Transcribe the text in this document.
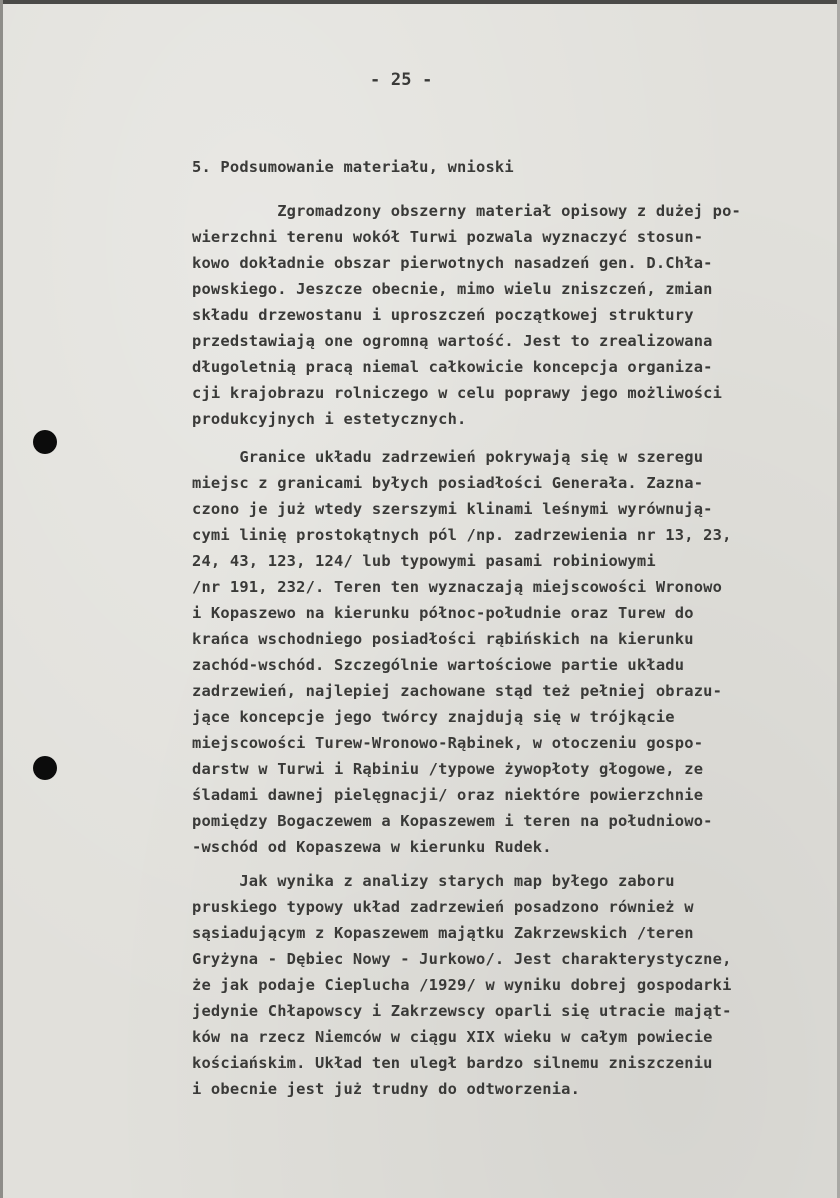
- 25 -
5. Podsumowanie materiału, wnioski
Zgromadzony obszerny materiał opisowy z dużej po-
wierzchni terenu wokół Turwi pozwala wyznaczyć stosun-
kowo dokładnie obszar pierwotnych nasadzeń gen. D.Chła-
powskiego. Jeszcze obecnie, mimo wielu zniszczeń, zmian
składu drzewostanu i uproszczeń początkowej struktury
przedstawiają one ogromną wartość. Jest to zrealizowana
długoletnią pracą niemal całkowicie koncepcja organiza-
cji krajobrazu rolniczego w celu poprawy jego możliwości
produkcyjnych i estetycznych.
Granice układu zadrzewień pokrywają się w szeregu
miejsc z granicami byłych posiadłości Generała. Zazna-
czono je już wtedy szerszymi klinami leśnymi wyrównują-
cymi linię prostokątnych pól /np. zadrzewienia nr 13, 23,
24, 43, 123, 124/ lub typowymi pasami robiniowymi
/nr 191, 232/. Teren ten wyznaczają miejscowości Wronowo
i Kopaszewo na kierunku północ-południe oraz Turew do
krańca wschodniego posiadłości rąbińskich na kierunku
zachód-wschód. Szczególnie wartościowe partie układu
zadrzewień, najlepiej zachowane stąd też pełniej obrazu-
jące koncepcje jego twórcy znajdują się w trójkącie
miejscowości Turew-Wronowo-Rąbinek, w otoczeniu gospo-
darstw w Turwi i Rąbiniu /typowe żywopłoty głogowe, ze
śladami dawnej pielęgnacji/ oraz niektóre powierzchnie
pomiędzy Bogaczewem a Kopaszewem i teren na południowo-
-wschód od Kopaszewa w kierunku Rudek.
Jak wynika z analizy starych map byłego zaboru
pruskiego typowy układ zadrzewień posadzono również w
sąsiadującym z Kopaszewem majątku Zakrzewskich /teren
Gryżyna - Dębiec Nowy - Jurkowo/. Jest charakterystyczne,
że jak podaje Cieplucha /1929/ w wyniku dobrej gospodarki
jedynie Chłapowscy i Zakrzewscy oparli się utracie mająt-
ków na rzecz Niemców w ciągu XIX wieku w całym powiecie
kościańskim. Układ ten uległ bardzo silnemu zniszczeniu
i obecnie jest już trudny do odtworzenia.
